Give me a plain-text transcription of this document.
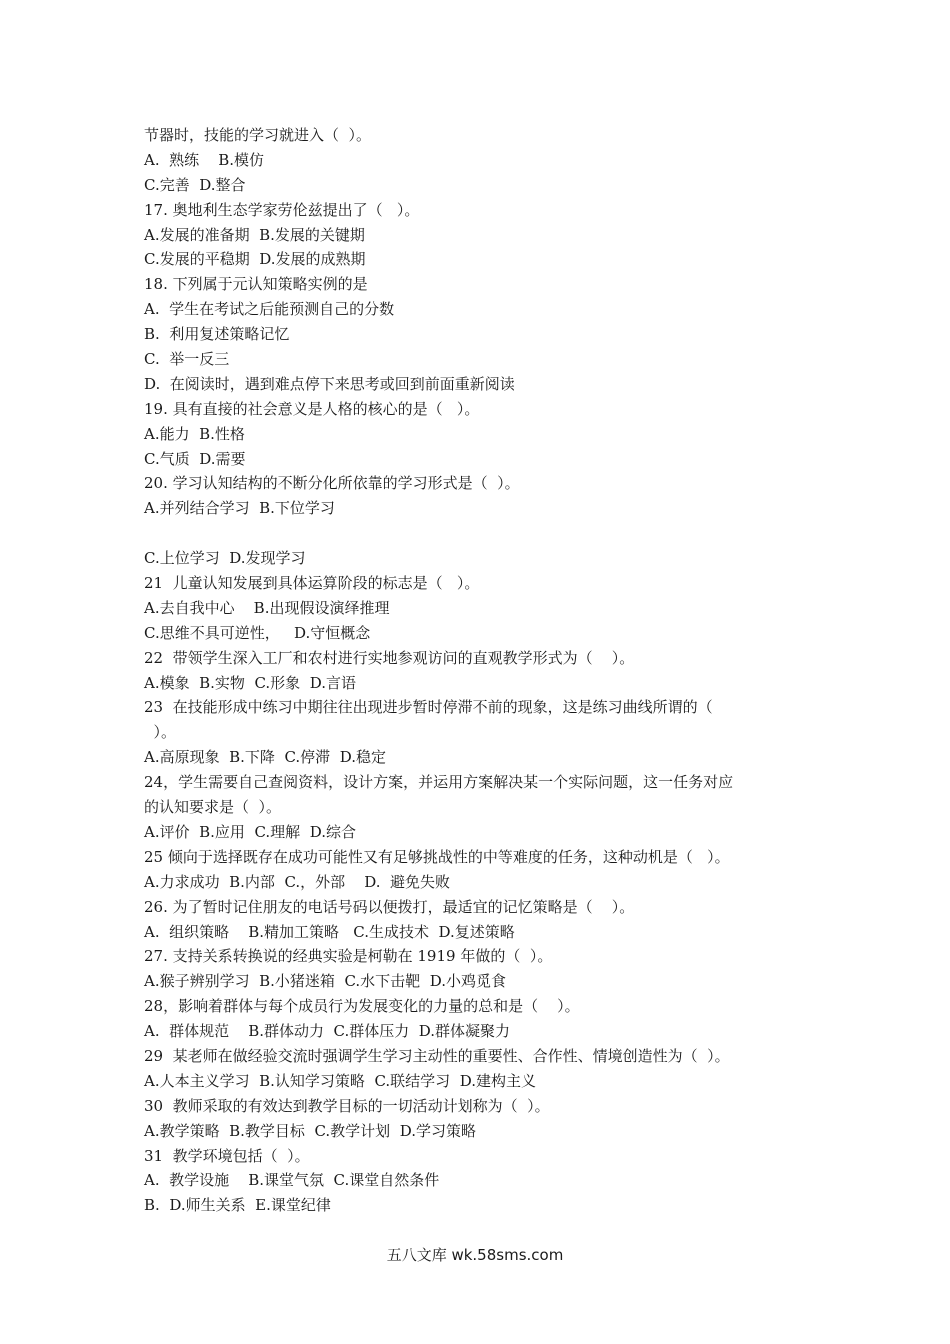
节器时，技能的学习就进入（  ）。
A.  熟练    B.模仿
C.完善  D.整合
17. 奥地利生态学家劳伦兹提出了（   ）。
A.发展的准备期  B.发展的关键期
C.发展的平稳期  D.发展的成熟期
18. 下列属于元认知策略实例的是
A.  学生在考试之后能预测自己的分数
B.  利用复述策略记忆
C.  举一反三
D.  在阅读时，遇到难点停下来思考或回到前面重新阅读
19. 具有直接的社会意义是人格的核心的是（   ）。
A.能力  B.性格
C.气质  D.需要
20. 学习认知结构的不断分化所依靠的学习形式是（  ）。
A.并列结合学习  B.下位学习
C.上位学习  D.发现学习
21  儿童认知发展到具体运算阶段的标志是（   ）。
A.去自我中心    B.出现假设演绎推理
C.思维不具可逆性，   D.守恒概念
22  带领学生深入工厂和农村进行实地参观访问的直观教学形式为（    ）。
A.模象  B.实物  C.形象  D.言语
23  在技能形成中练习中期往往出现进步暂时停滞不前的现象，这是练习曲线所谓的（
）。
A.高原现象  B.下降  C.停滞  D.稳定
24，学生需要自己查阅资料，设计方案，并运用方案解决某一个实际问题，这一任务对应
的认知要求是（  ）。
A.评价  B.应用  C.理解  D.综合
25 倾向于选择既存在成功可能性又有足够挑战性的中等难度的任务，这种动机是（   ）。
A.力求成功  B.内部  C.，外部    D.  避免失败
26. 为了暂时记住朋友的电话号码以便拨打，最适宜的记忆策略是（    ）。
A.  组织策略    B.精加工策略   C.生成技术  D.复述策略
27. 支持关系转换说的经典实验是柯勒在 1919 年做的（  ）。
A.猴子辨别学习  B.小猪迷箱  C.水下击靶  D.小鸡觅食
28，影响着群体与每个成员行为发展变化的力量的总和是（    ）。
A.  群体规范    B.群体动力  C.群体压力  D.群体凝聚力
29  某老师在做经验交流时强调学生学习主动性的重要性、合作性、情境创造性为（  ）。
A.人本主义学习  B.认知学习策略  C.联结学习  D.建构主义
30  教师采取的有效达到教学目标的一切活动计划称为（  ）。
A.教学策略  B.教学目标  C.教学计划  D.学习策略
31  教学环境包括（  ）。
A.  教学设施    B.课堂气氛  C.课堂自然条件
B.  D.师生关系  E.课堂纪律
五八文库 wk.58sms.com
